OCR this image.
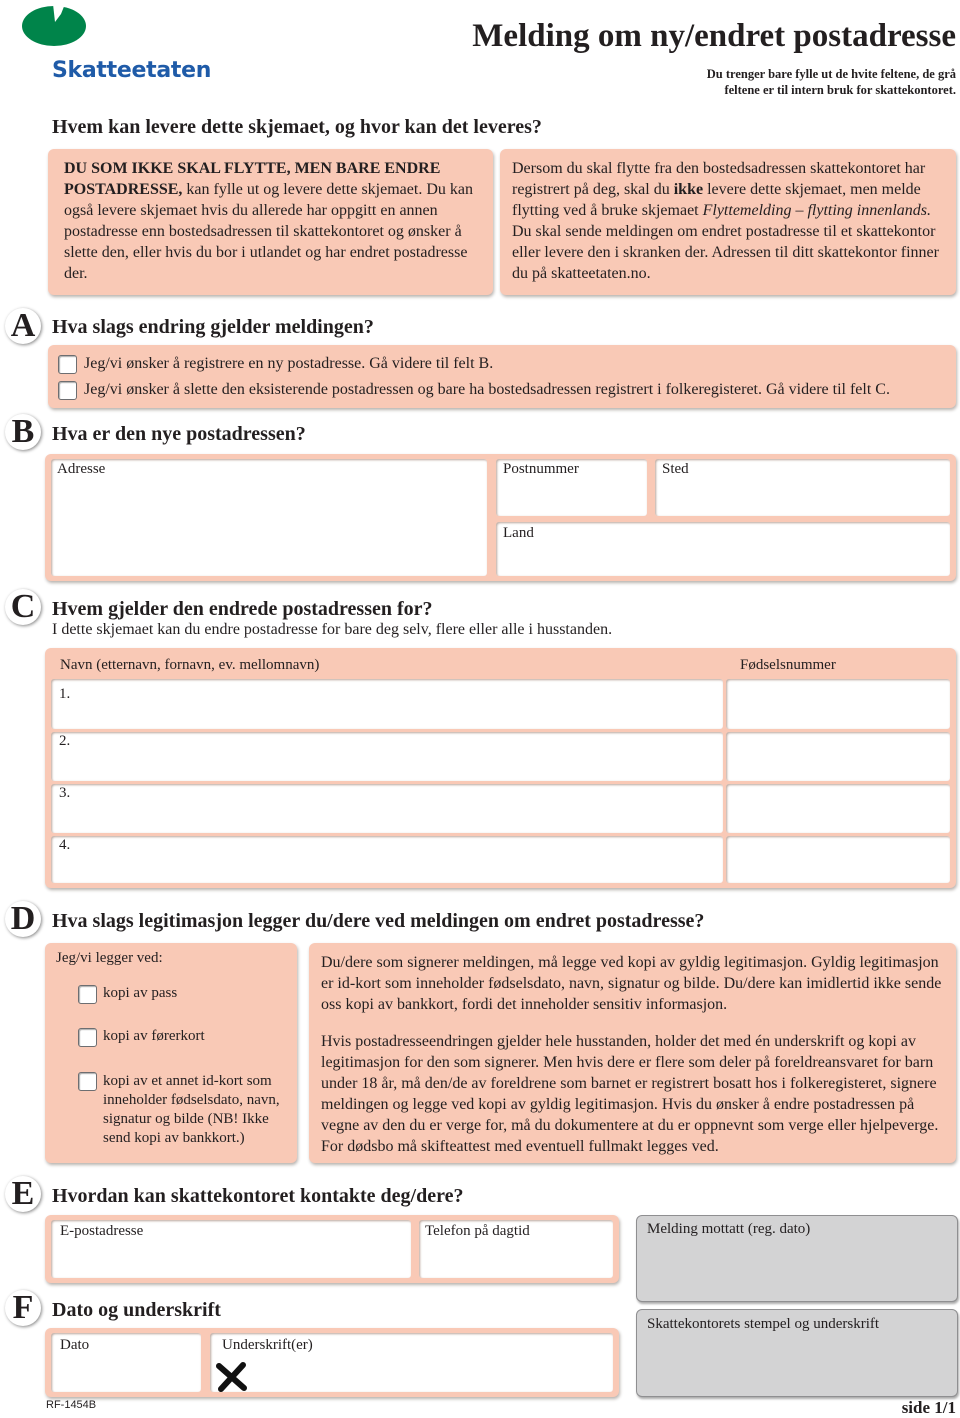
Skatteetaten
Melding om ny/endret postadresse
Du trenger bare fylle ut de hvite feltene, de grå
feltene er til intern bruk for skattekontoret.
Hvem kan levere dette skjemaet, og hvor kan det leveres?
DU SOM IKKE SKAL FLYTTE, MEN BARE ENDRE POSTADRESSE, kan fylle ut og levere dette skjemaet. Du kan også levere skjemaet hvis du allerede har oppgitt en annen postadresse enn bostedsadressen til skattekontoret og ønsker å slette den, eller hvis du bor i utlandet og har endret postadresse der.
Dersom du skal flytte fra den bostedsadressen skattekontoret har registrert på deg, skal du ikke levere dette skjemaet, men melde flytting ved å bruke skjemaet Flyttemelding – flytting innenlands. Du skal sende meldingen om endret postadresse til et skattekontor eller levere den i skranken der. Adressen til ditt skattekontor finner du på skatteetaten.no.
A Hva slags endring gjelder meldingen?
Jeg/vi ønsker å registrere en ny postadresse. Gå videre til felt B.
Jeg/vi ønsker å slette den eksisterende postadressen og bare ha bostedsadressen registrert i folkeregisteret. Gå videre til felt C.
B Hva er den nye postadressen?
Adresse	Postnummer	Sted
Land
C Hvem gjelder den endrede postadressen for?
I dette skjemaet kan du endre postadresse for bare deg selv, flere eller alle i husstanden.
Navn (etternavn, fornavn, ev. mellomnavn)	Fødselsnummer
1.
2.
3.
4.
D Hva slags legitimasjon legger du/dere ved meldingen om endret postadresse?
Jeg/vi legger ved:
kopi av pass
kopi av førerkort
kopi av et annet id-kort som
inneholder fødselsdato, navn,
signatur og bilde (NB! Ikke
send kopi av bankkort.)
Du/dere som signerer meldingen, må legge ved kopi av gyldig legitimasjon. Gyldig legitimasjon er id-kort som inneholder fødselsdato, navn, signatur og bilde. Du/dere kan imidlertid ikke sende oss kopi av bankkort, fordi det inneholder sensitiv informasjon.
Hvis postadresseendringen gjelder hele husstanden, holder det med én underskrift og kopi av legitimasjon for den som signerer. Men hvis dere er flere som deler på foreldreansvaret for barn under 18 år, må den/de av foreldrene som barnet er registrert bosatt hos i folkeregisteret, signere meldingen og legge ved kopi av gyldig legitimasjon. Hvis du ønsker å endre postadressen på vegne av den du er verge for, må du dokumentere at du er oppnevnt som verge eller hjelpeverge. For dødsbo må skifteattest med eventuell fullmakt legges ved.
E Hvordan kan skattekontoret kontakte deg/dere?
E-postadresse	Telefon på dagtid	Melding mottatt (reg. dato)
Skattekontorets stempel og underskrift
F Dato og underskrift
Dato	Underskrift(er)
RF-1454B	side 1/1
